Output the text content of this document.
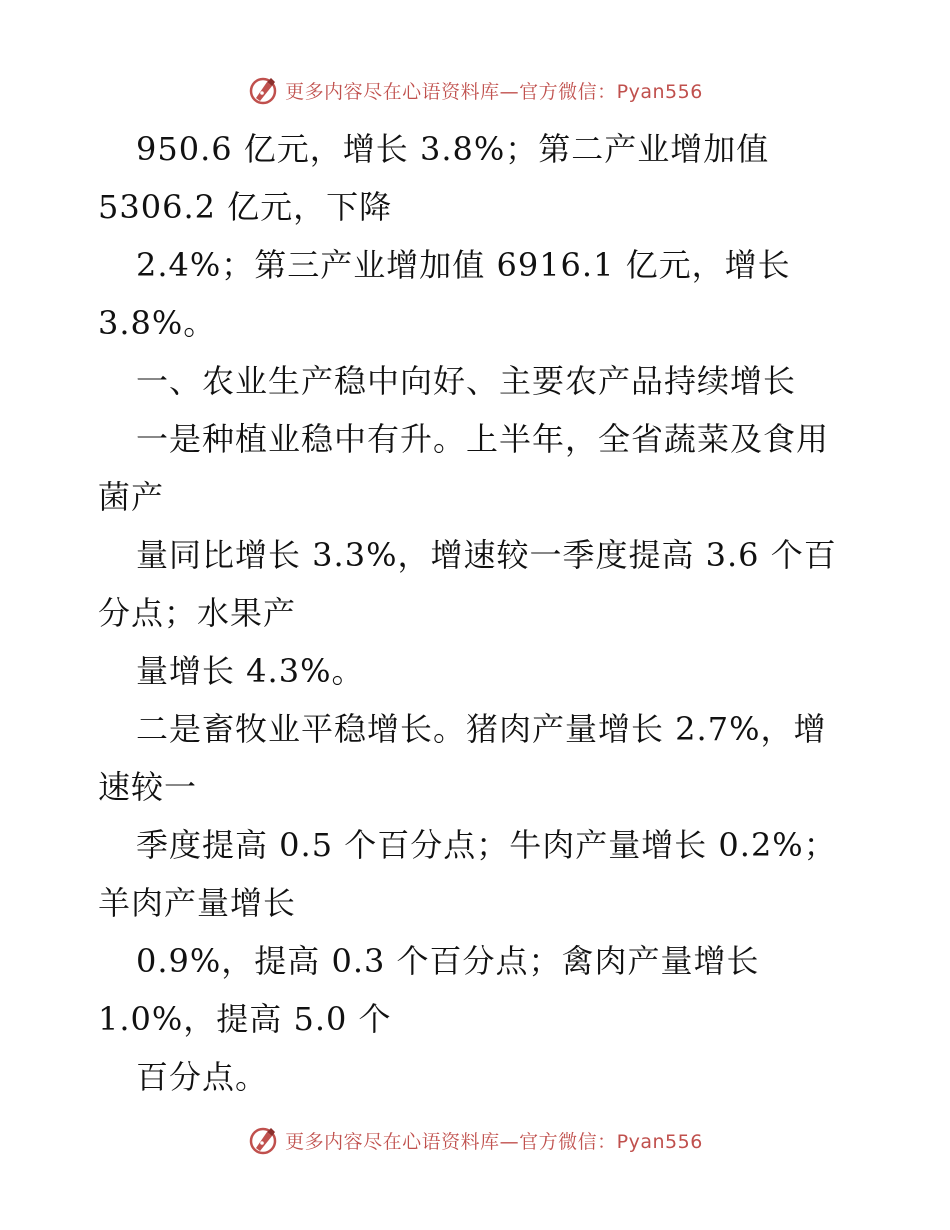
更多内容尽在心语资料库—官方微信：Pyan556
950.6 亿元，增长 3.8%；第二产业增加值
5306.2 亿元，下降
2.4%；第三产业增加值 6916.1 亿元，增长
3.8%。
一、农业生产稳中向好、主要农产品持续增长
一是种植业稳中有升。上半年，全省蔬菜及食用
菌产
量同比增长 3.3%，增速较一季度提高 3.6 个百
分点；水果产
量增长 4.3%。
二是畜牧业平稳增长。猪肉产量增长 2.7%，增
速较一
季度提高 0.5 个百分点；牛肉产量增长 0.2%；
羊肉产量增长
0.9%，提高 0.3 个百分点；禽肉产量增长
1.0%，提高 5.0 个
百分点。
更多内容尽在心语资料库—官方微信：Pyan556
